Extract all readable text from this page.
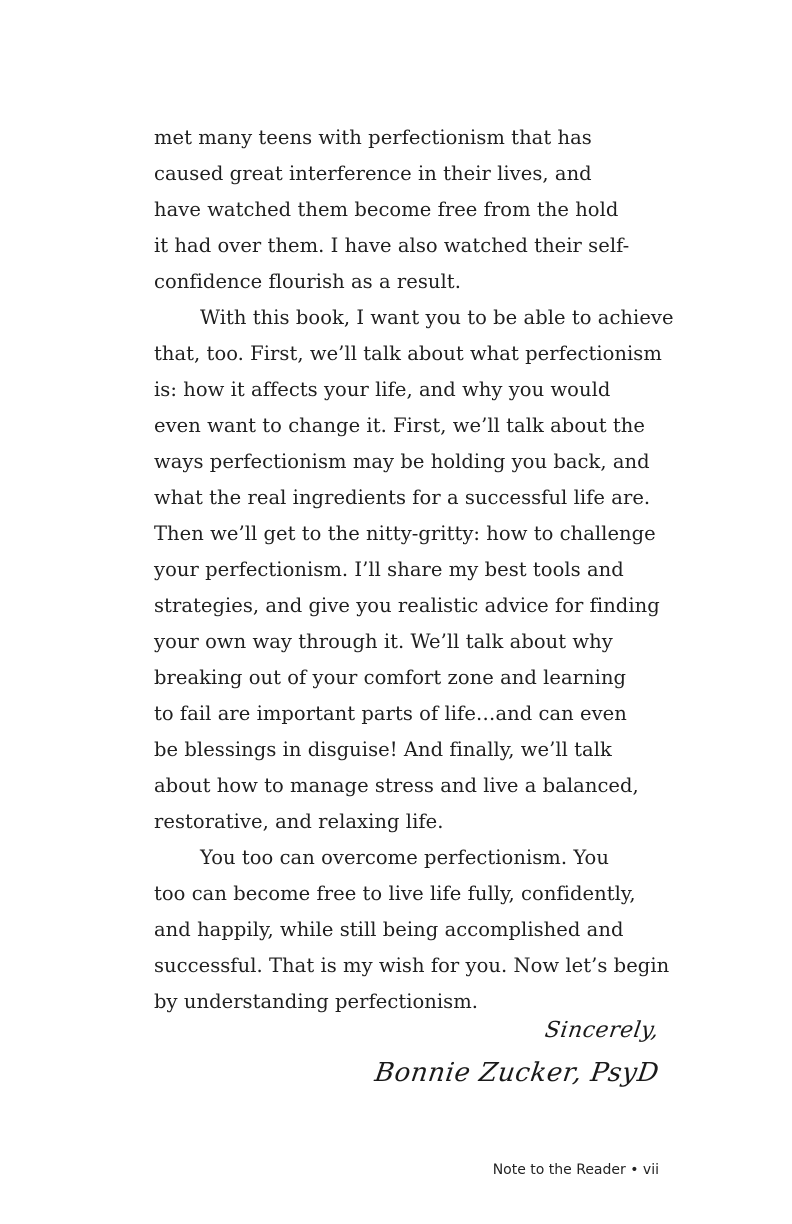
met many teens with perfectionism that has
caused great interference in their lives, and
have watched them become free from the hold
it had over them. I have also watched their self-
confidence flourish as a result.
With this book, I want you to be able to achieve
that, too. First, we’ll talk about what perfectionism
is: how it affects your life, and why you would
even want to change it. First, we’ll talk about the
ways perfectionism may be holding you back, and
what the real ingredients for a successful life are.
Then we’ll get to the nitty-gritty: how to challenge
your perfectionism. I’ll share my best tools and
strategies, and give you realistic advice for finding
your own way through it. We’ll talk about why
breaking out of your comfort zone and learning
to fail are important parts of life…and can even
be blessings in disguise! And finally, we’ll talk
about how to manage stress and live a balanced,
restorative, and relaxing life.
You too can overcome perfectionism. You
too can become free to live life fully, confidently,
and happily, while still being accomplished and
successful. That is my wish for you. Now let’s begin
by understanding perfectionism.
Sincerely,
Bonnie Zucker, PsyD
Note to the Reader • vii
